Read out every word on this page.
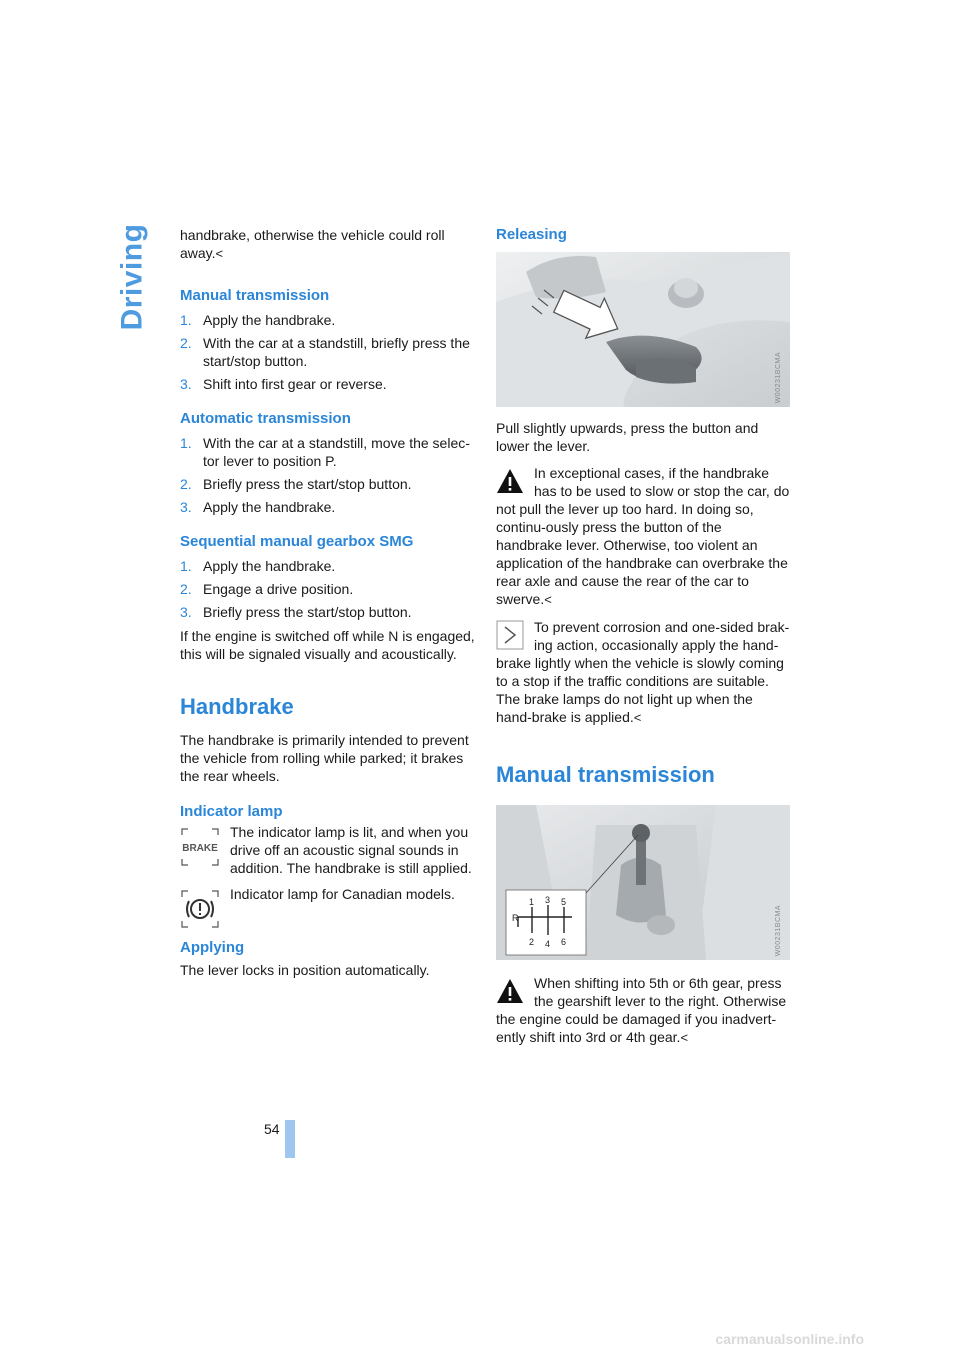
Driving handbrake, otherwise the vehicle could roll away.<

Manual transmission
1. Apply the handbrake.
2. With the car at a standstill, briefly press the start/stop button.
3. Shift into first gear or reverse.
Automatic transmission
1. With the car at a standstill, move the selec-tor lever to position P.
2. Briefly press the start/stop button.
3. Apply the handbrake.
Sequential manual gearbox SMG
1. Apply the handbrake.
2. Engage a drive position.
3. Briefly press the start/stop button.

If the engine is switched off while N is engaged, this will be signaled visually and acoustically.

Handbrake

The handbrake is primarily intended to prevent the vehicle from rolling while parked; it brakes the rear wheels.

Indicator lamp
BRAKE
The indicator lamp is lit, and when you drive off an acoustic signal sounds in addition. The handbrake is still applied.
Indicator lamp for Canadian models.
Applying

The lever locks in position automatically.

Releasing
W00231BCMA

Pull slightly upwards, press the button and lower the lever.

In exceptional cases, if the handbrake has to be used to slow or stop the car, do not pull the lever up too hard. In doing so, continu-ously press the button of the handbrake lever. Otherwise, too violent an application of the handbrake can overbrake the rear axle and cause the rear of the car to swerve.<
To prevent corrosion and one-sided brak-ing action, occasionally apply the hand-brake lightly when the vehicle is slowly coming to a stop if the traffic conditions are suitable. The brake lamps do not light up when the hand-brake is applied.<
Manual transmission
R
1
2
3
4
5
6	W00231BCMA
When shifting into 5th or 6th gear, press the gearshift lever to the right. Otherwise the engine could be damaged if you inadvert-ently shift into 3rd or 4th gear.<
54
carmanualsonline.info
